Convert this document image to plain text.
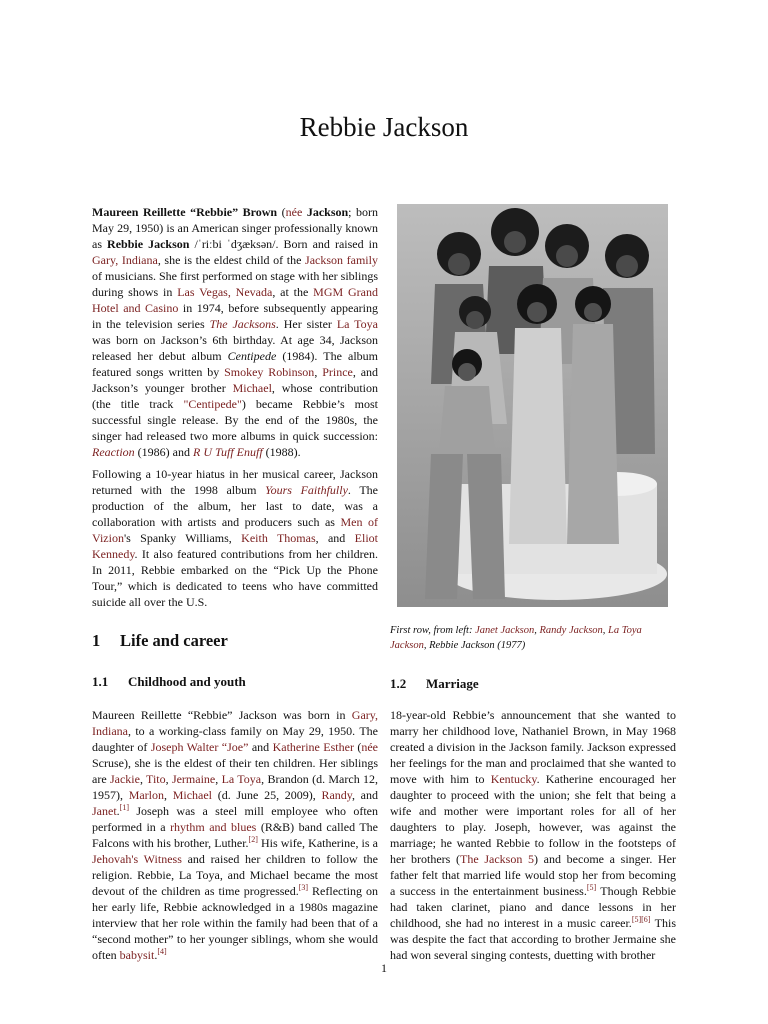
Rebbie Jackson

Maureen Reillette “Rebbie” Brown (née Jackson; born May 29, 1950) is an American singer professionally known as Rebbie Jackson /ˈriːbi ˈdʒæksən/. Born and raised in Gary, Indiana, she is the eldest child of the Jackson family of musicians. She first performed on stage with her siblings during shows in Las Vegas, Nevada, at the MGM Grand Hotel and Casino in 1974, before subsequently appearing in the television series The Jacksons. Her sister La Toya was born on Jackson’s 6th birthday. At age 34, Jackson released her debut album Centipede (1984). The album featured songs written by Smokey Robinson, Prince, and Jackson’s younger brother Michael, whose contribution (the title track "Centipede") became Rebbie’s most successful single release. By the end of the 1980s, the singer had released two more albums in quick succession: Reaction (1986) and R U Tuff Enuff (1988).

Following a 10-year hiatus in her musical career, Jackson returned with the 1998 album Yours Faithfully. The production of the album, her last to date, was a collaboration with artists and producers such as Men of Vizion's Spanky Williams, Keith Thomas, and Eliot Kennedy. It also featured contributions from her children. In 2011, Rebbie embarked on the “Pick Up the Phone Tour,” which is dedicated to teens who have committed suicide all over the U.S.

First row, from left: Janet Jackson, Randy Jackson, La Toya Jackson, Rebbie Jackson (1977)
1 Life and career
1.1 Childhood and youth
Maureen Reillette “Rebbie” Jackson was born in Gary, Indiana, to a working-class family on May 29, 1950. The daughter of Joseph Walter “Joe” and Katherine Esther (née Scruse), she is the eldest of their ten children. Her siblings are Jackie, Tito, Jermaine, La Toya, Brandon (d. March 12, 1957), Marlon, Michael (d. June 25, 2009), Randy, and Janet.[1] Joseph was a steel mill employee who often performed in a rhythm and blues (R&B) band called The Falcons with his brother, Luther.[2] His wife, Katherine, is a Jehovah's Witness and raised her children to follow the religion. Rebbie, La Toya, and Michael became the most devout of the children as time progressed.[3] Reflecting on her early life, Rebbie acknowledged in a 1980s magazine interview that her role within the family had been that of a “second mother” to her younger siblings, whom she would often babysit.[4]
1.2 Marriage
18-year-old Rebbie’s announcement that she wanted to marry her childhood love, Nathaniel Brown, in May 1968 created a division in the Jackson family. Jackson expressed her feelings for the man and proclaimed that she wanted to move with him to Kentucky. Katherine encouraged her daughter to proceed with the union; she felt that being a wife and mother were important roles for all of her daughters to play. Joseph, however, was against the marriage; he wanted Rebbie to follow in the footsteps of her brothers (The Jackson 5) and become a singer. Her father felt that married life would stop her from becoming a success in the entertainment business.[5] Though Rebbie had taken clarinet, piano and dance lessons in her childhood, she had no interest in a music career.[5][6] This was despite the fact that according to brother Jermaine she had won several singing contests, duetting with brother
1
